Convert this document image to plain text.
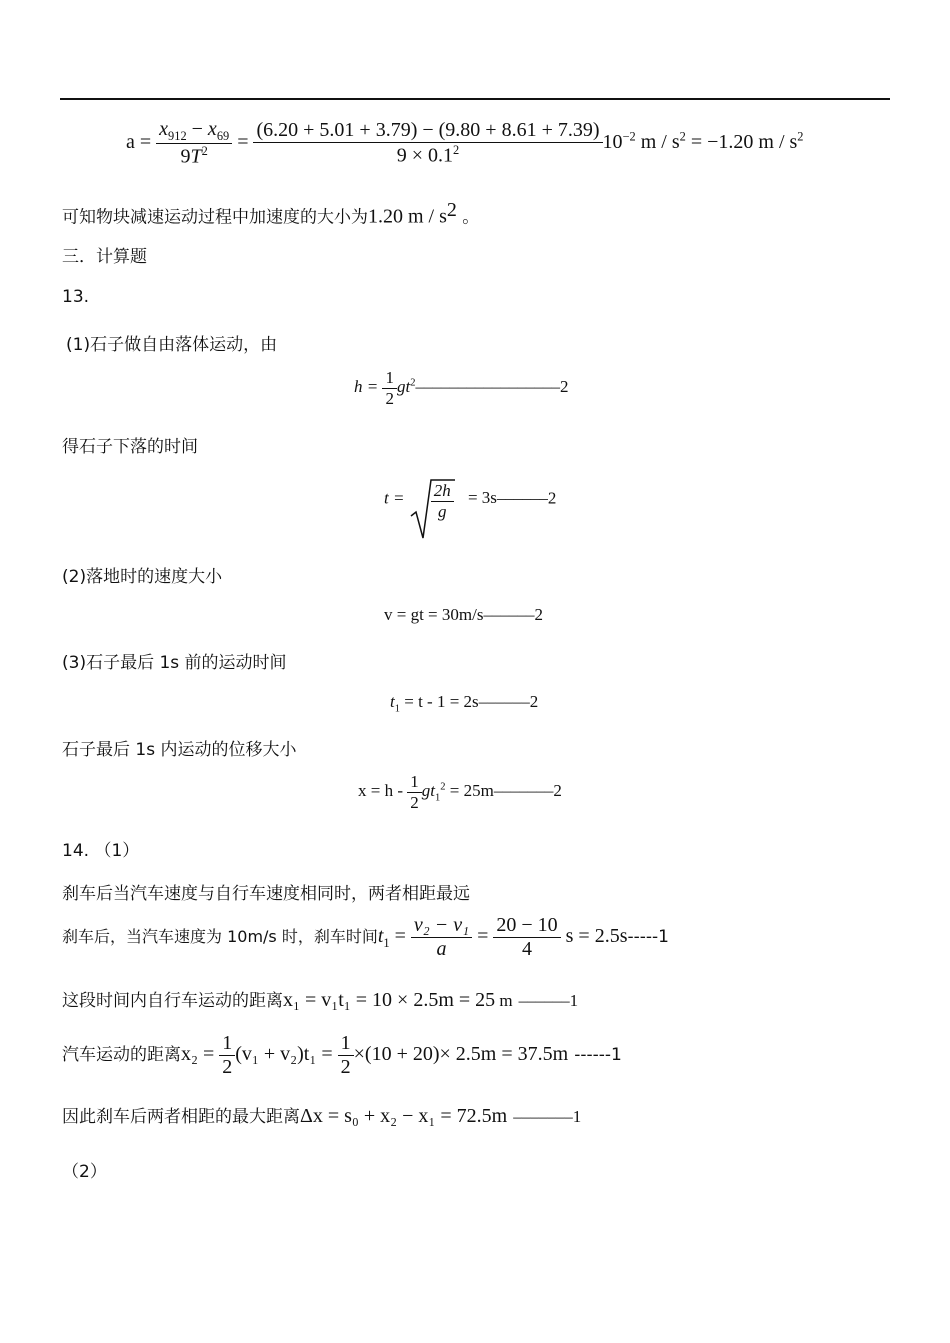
$a = \frac{x_{912} - x_{69}}{9T^2} = \frac{(6.20 + 5.01 + 3.79) - (9.80 + 8.61 + 7.39)}{9 \times 0.1^2} 10^{-2}$ $m / s^2 = -1.20$ m / $s^2$
可知物块减速运动过程中加速度的大小为1.20 m / $s^2$ 。
三．计算题
13.
(1)石子做自由落体运动，由
$h = \frac{1}{2} gt^2-----------------2$
得石子下落的时间
$t = \frac{2h}{g} = 3s------2$
(2)落地时的速度大小
v = gt = 30m/s––––––2
(3)石子最后 1s 前的运动时间
$t_1 = t - 1 = 2s------2$
石子最后 1s 内运动的位移大小
$x = h - \frac{1}{2} gt_1^2 = 25m-------2$
14. （1）
刹车后当汽车速度与自行车速度相同时，两者相距最远
刹车后，当汽车速度为 10m/s 时，刹车时间$t_1 = \frac{\text{v₂ − v₁}}{a} = \frac{20 - 10}{4}$ s = 2.5s-----1
这段时间内自行车运动的距离x₁ = v₁t₁ = 10 × 2.5m = 25 m ––––––1
汽车运动的距离$x_2 = \frac{1}{2} (v_1 + v_2)t_1 = \frac{1}{2} \times(10 + 20)\times 2.5m = 37.5m$ ------1
因此刹车后两者相距的最大距离Δx = s₀ + x₂ − x₁ = 72.5m –––––––1
（2）
